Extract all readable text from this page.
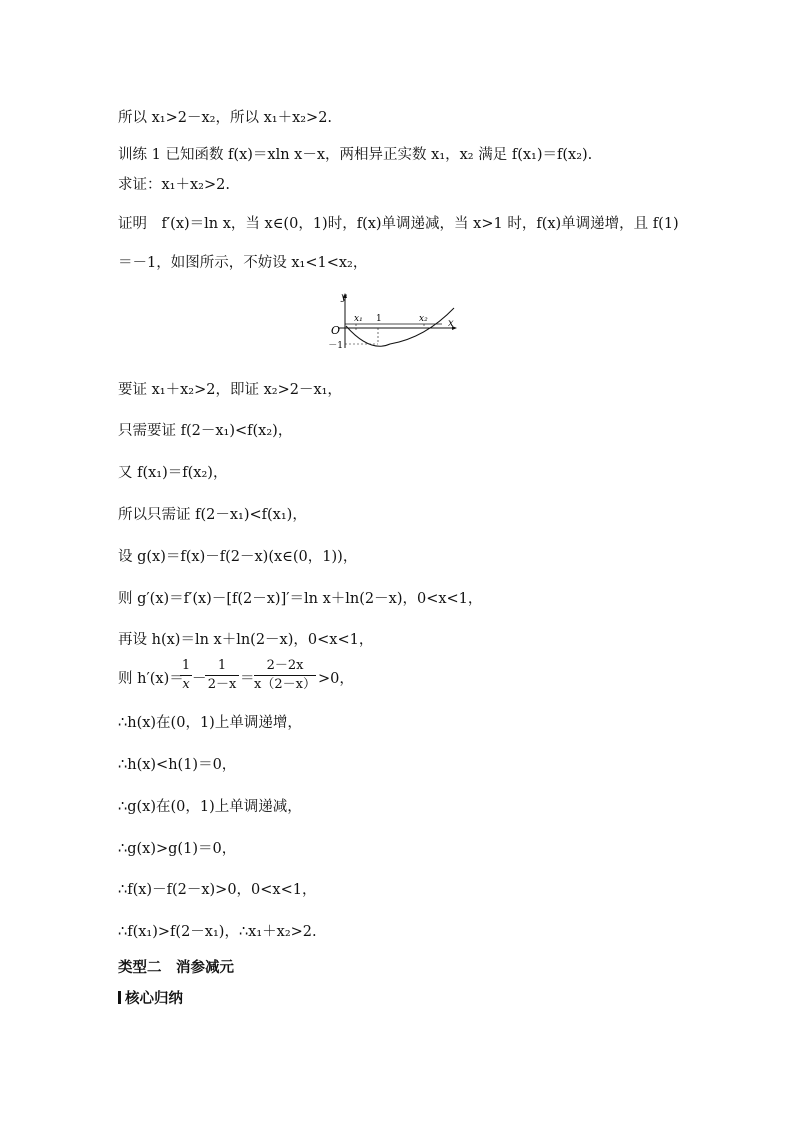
所以 x₁>2－x₂，所以 x₁＋x₂>2.
训练 1 已知函数 f(x)＝xln x－x，两相异正实数 x₁，x₂ 满足 f(x₁)＝f(x₂).
求证：x₁＋x₂>2.
证明　f′(x)＝ln x，当 x∈(0，1)时，f(x)单调递减，当 x>1 时，f(x)单调递增，且 f(1)
＝－1，如图所示，不妨设 x₁<1<x₂，
y
x
O
x₁ 1	x₂
－1
要证 x₁＋x₂>2，即证 x₂>2－x₁，
只需要证 f(2－x₁)<f(x₂)，
又 f(x₁)＝f(x₂)，
所以只需证 f(2－x₁)<f(x₁)，
设 g(x)＝f(x)－f(2－x)(x∈(0，1))，
则 g′(x)＝f′(x)－[f(2－x)]′＝ln x＋ln(2－x)，0<x<1，
再设 h(x)＝ln x＋ln(2－x)，0<x<1，
则 h′(x)＝
1
x －
1
2－x ＝
2－2x
x（2－x） >0，
∴h(x)在(0，1)上单调递增，
∴h(x)<h(1)＝0，
∴g(x)在(0，1)上单调递减，
∴g(x)>g(1)＝0，
∴f(x)－f(2－x)>0，0<x<1，
∴f(x₁)>f(2－x₁)，∴x₁＋x₂>2.
类型二　消参减元
核心归纳
